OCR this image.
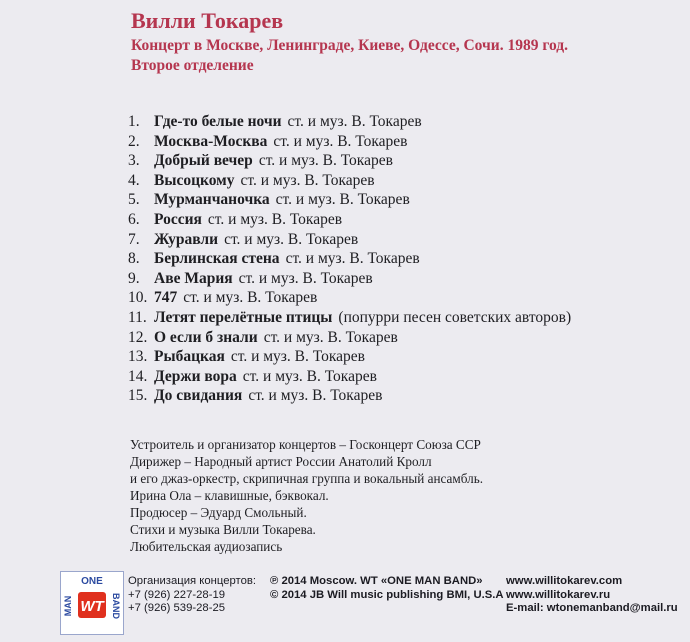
Вилли Токарев
Концерт в Москве, Ленинграде, Киеве, Одессе, Сочи. 1989 год.
Второе отделение
1. Где-то белые ночи ст. и муз. В. Токарев
2. Москва-Москва ст. и муз. В. Токарев
3. Добрый вечер ст. и муз. В. Токарев
4. Высоцкому ст. и муз. В. Токарев
5. Мурманчаночка ст. и муз. В. Токарев
6. Россия ст. и муз. В. Токарев
7. Журавли ст. и муз. В. Токарев
8. Берлинская стена ст. и муз. В. Токарев
9. Аве Мария ст. и муз. В. Токарев
10. 747 ст. и муз. В. Токарев
11. Летят перелётные птицы (попурри песен советских авторов)
12. О если б знали ст. и муз. В. Токарев
13. Рыбацкая ст. и муз. В. Токарев
14. Держи вора ст. и муз. В. Токарев
15. До свидания ст. и муз. В. Токарев
Устроитель и организатор концертов – Госконцерт Союза ССР
Дирижер – Народный артист России Анатолий Кролл
и его джаз-оркестр, скрипичная группа и вокальный ансамбль.
Ирина Ола – клавишные, бэквокал.
Продюсер – Эдуард Смольный.
Стихи и музыка Вилли Токарева.
Любительская аудиозапись
ONE
MAN	BAND
WT
Организация концертов:
+7 (926) 227-28-19
+7 (926) 539-28-25
℗ 2014 Moscow. WT «ONE MAN BAND»
© 2014 JB Will music publishing BMI, U.S.A
www.willitokarev.com
www.willitokarev.ru
E-mail: wtonemanband@mail.ru
